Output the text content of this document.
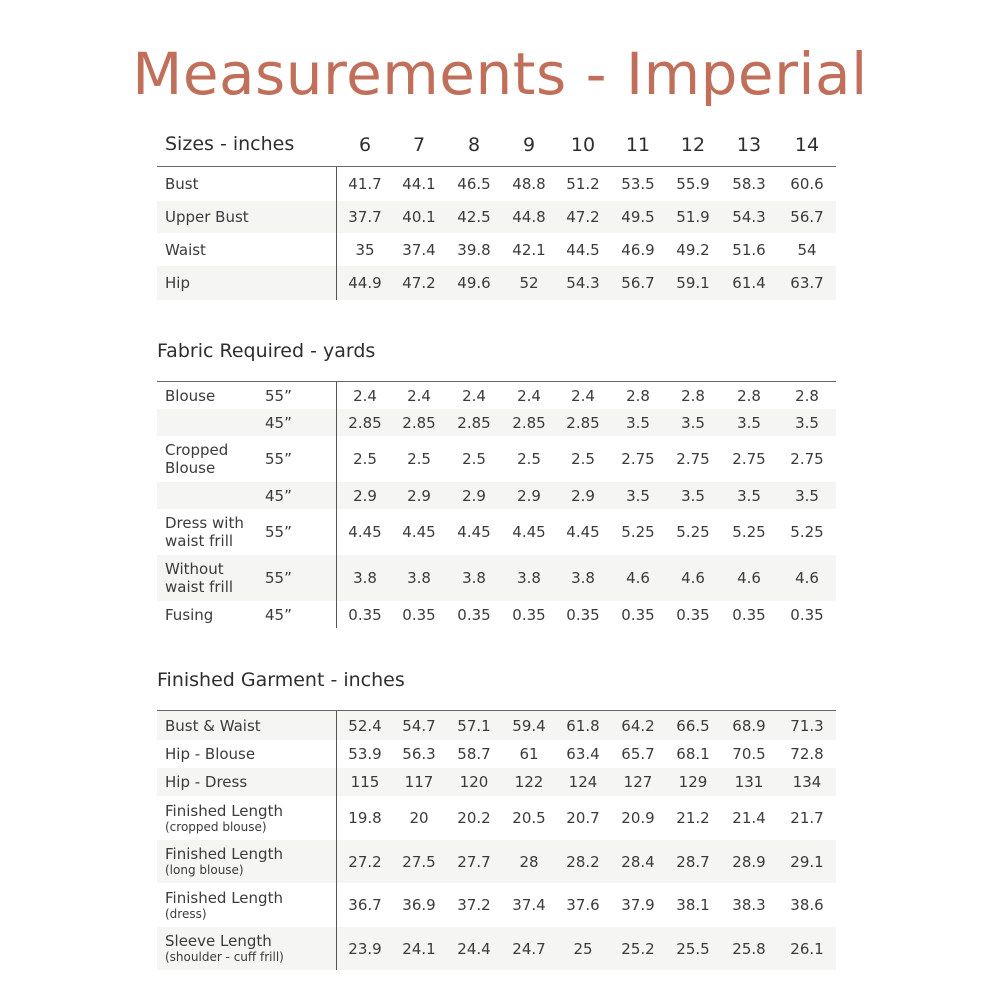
Measurements - Imperial
Sizes - inches	6	7	8	9	10	11	12	13	14
Bust	41.7	44.1	46.5	48.8	51.2	53.5	55.9	58.3	60.6
Upper Bust	37.7	40.1	42.5	44.8	47.2	49.5	51.9	54.3	56.7
Waist	35	37.4	39.8	42.1	44.5	46.9	49.2	51.6	54
Hip	44.9	47.2	49.6	52	54.3	56.7	59.1	61.4	63.7
Fabric Required - yards
Blouse	55”	2.4	2.4	2.4	2.4	2.4	2.8	2.8	2.8	2.8
45”	2.85	2.85	2.85	2.85	2.85	3.5	3.5	3.5	3.5
Cropped
Blouse	55”	2.5	2.5	2.5	2.5	2.5	2.75	2.75	2.75	2.75
45”	2.9	2.9	2.9	2.9	2.9	3.5	3.5	3.5	3.5
Dress with
waist frill 55”	4.45	4.45	4.45	4.45	4.45	5.25	5.25	5.25	5.25
Without
waist frill 55”	3.8	3.8	3.8	3.8	3.8	4.6	4.6	4.6	4.6
Fusing	45”	0.35	0.35	0.35	0.35	0.35	0.35	0.35	0.35	0.35
Finished Garment - inches
Bust & Waist	52.4	54.7	57.1	59.4	61.8	64.2	66.5	68.9	71.3
Hip - Blouse	53.9	56.3	58.7	61	63.4	65.7	68.1	70.5	72.8
Hip - Dress	115	117	120	122	124	127	129	131	134
Finished Length
(cropped blouse)	19.8	20	20.2	20.5	20.7	20.9	21.2	21.4	21.7
Finished Length
(long blouse)	27.2	27.5	27.7	28	28.2	28.4	28.7	28.9	29.1
Finished Length
(dress)	36.7	36.9	37.2	37.4	37.6	37.9	38.1	38.3	38.6
Sleeve Length
(shoulder - cuff frill)	23.9	24.1	24.4	24.7	25	25.2	25.5	25.8	26.1
